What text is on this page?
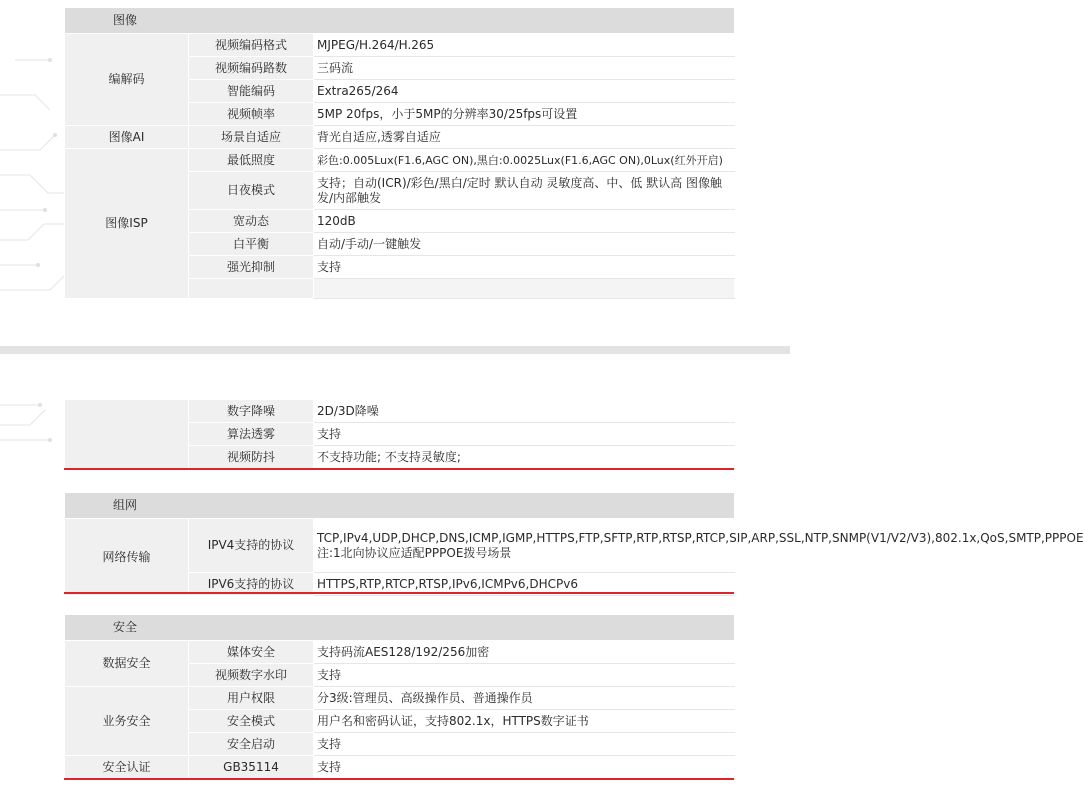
图像		
编解码	视频编码格式	MJPEG/H.264/H.265
	视频编码路数	三码流
	智能编码	Extra265/264
	视频帧率	5MP 20fps，小于5MP的分辨率30/25fps可设置
图像AI	场景自适应	背光自适应,透雾自适应
图像ISP	最低照度	彩色:0.005Lux(F1.6,AGC ON),黑白:0.0025Lux(F1.6,AGC ON),0Lux(红外开启)
	日夜模式	支持；自动(ICR)/彩色/黑白/定时 默认自动 灵敏度高、中、低 默认高 图像触发/内部触发
	宽动态	120dB
	白平衡	自动/手动/一键触发
	强光抑制	支持

	数字降噪	2D/3D降噪
	算法透雾	支持
	视频防抖	不支持功能; 不支持灵敏度;
组网		
网络传输	IPV4支持的协议	TCP,IPv4,UDP,DHCP,DNS,ICMP,IGMP,HTTPS,FTP,SFTP,RTP,RTSP,RTCP,SIP,ARP,SSL,NTP,SNMP(V1/V2/V3),802.1x,QoS,SMTP,PPPOE 注:1北向协议应适配PPPOE拨号场景
	IPV6支持的协议	HTTPS,RTP,RTCP,RTSP,IPv6,ICMPv6,DHCPv6
安全		
数据安全	媒体安全	支持码流AES128/192/256加密
	视频数字水印	支持
业务安全	用户权限	分3级:管理员、高级操作员、普通操作员
	安全模式	用户名和密码认证，支持802.1x，HTTPS数字证书
	安全启动	支持
安全认证	GB35114	支持
